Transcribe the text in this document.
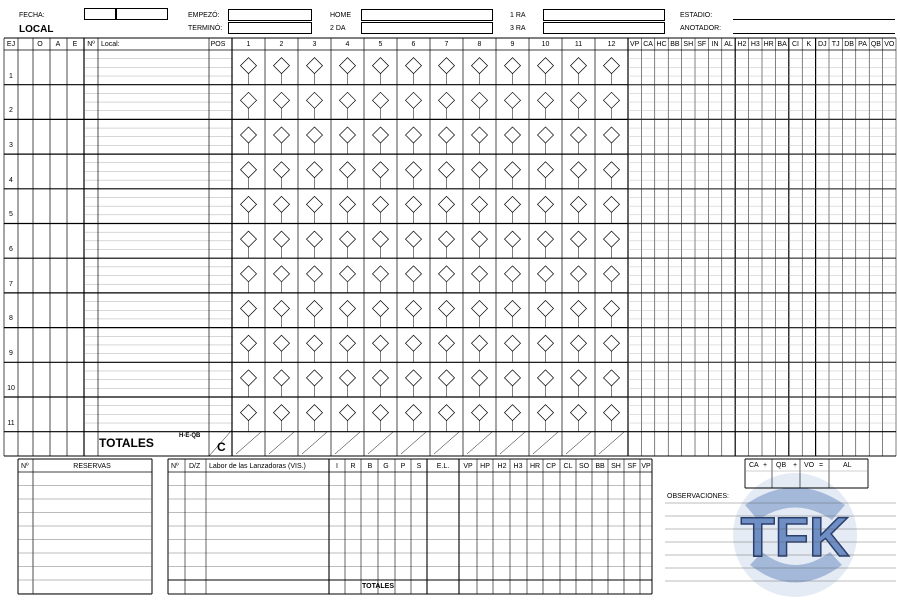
TFK
FECHA:
LOCAL
EMPEZÓ:
TERMINÓ:
HOME
2 DA
1 RA
3 RA
ESTADIO:
ANOTADOR:
EJ	O A E Nº Local:	POS	1	2	3	4	5	6	7	8	9	10	11	12 VP CA HC BB SH SF IN AL H2 H3 HR BA CI K DJ TJ DB PA QB VO
1
2
3
4
5
6
7
8
9
10
11
TOTALES	H-E-QB
C
Nº	RESERVAS	Nº D/Z Labor de las Lanzadoras (VIS.)	I R B G P S E.L. VP HP H2 H3 HR CP CL SO BB SH SF VP
TOTALES
CA + QB + VO =	AL
OBSERVACIONES:
